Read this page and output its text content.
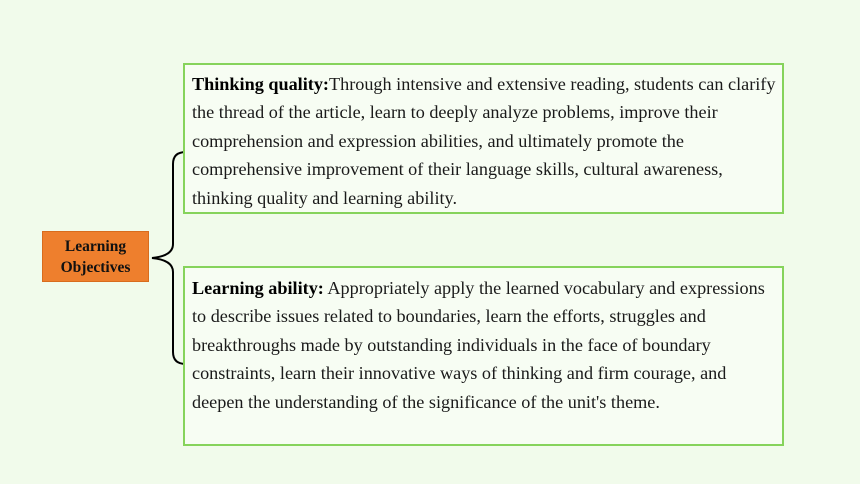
Learning
Objectives
Thinking quality:Through intensive and extensive reading, students can clarify the thread of the article, learn to deeply analyze problems, improve their comprehension and expression abilities, and ultimately promote the comprehensive improvement of their language skills, cultural awareness, thinking quality and learning ability.
Learning ability: Appropriately apply the learned vocabulary and expressions to describe issues related to boundaries, learn the efforts, struggles and breakthroughs made by outstanding individuals in the face of boundary constraints, learn their innovative ways of thinking and firm courage, and deepen the understanding of the significance of the unit's theme.
